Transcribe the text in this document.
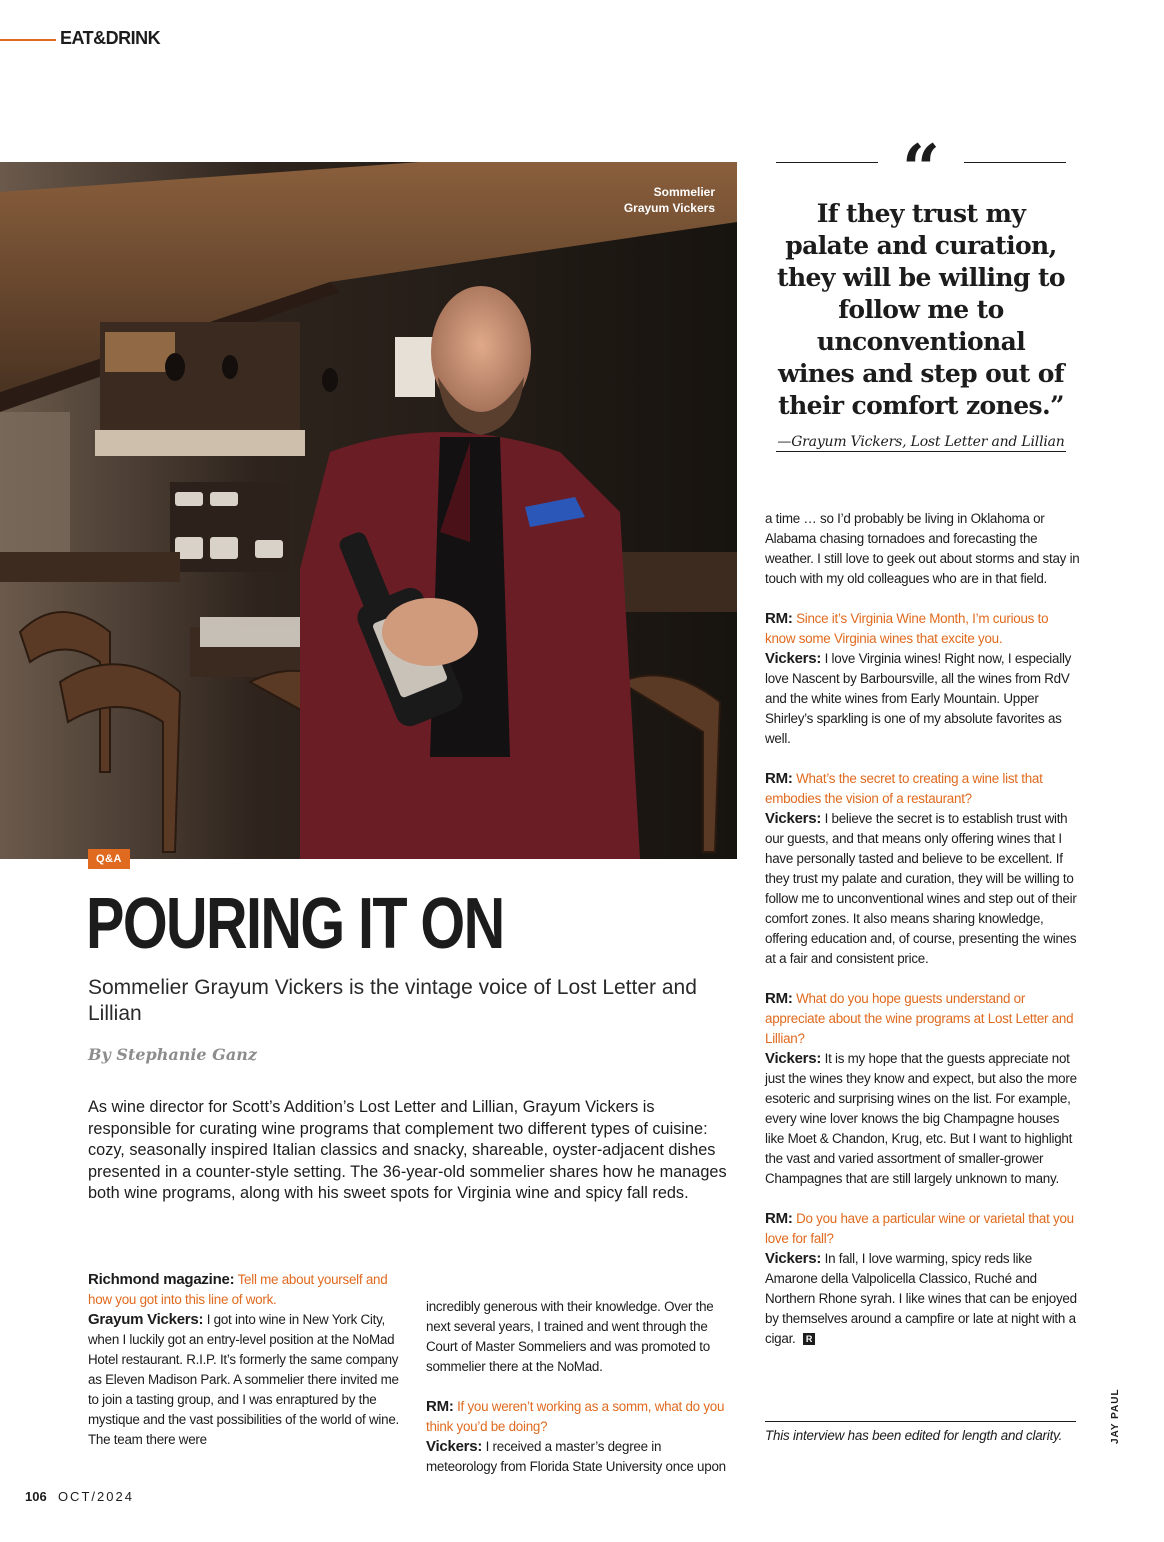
EAT&DRINK
Sommelier
Grayum Vickers	“
If they trust my palate and curation, they will be willing to follow me to unconventional wines and step out of their comfort zones.”
—Grayum Vickers, Lost Letter and Lillian
Q&A
POURING IT ON
Sommelier Grayum Vickers is the vintage voice of Lost Letter and Lillian
By Stephanie Ganz
As wine director for Scott’s Addition’s Lost Letter and Lillian, Grayum Vickers is responsible for curating wine programs that complement two different types of cuisine: cozy, seasonally inspired Italian classics and snacky, shareable, oyster-adjacent dishes presented in a counter-style setting. The 36-year-old sommelier shares how he manages both wine programs, along with his sweet spots for Virginia wine and spicy fall reds.

Richmond magazine: Tell me about yourself and how you got into this line of work.

Grayum Vickers: I got into wine in New York City, when I luckily got an entry-level position at the NoMad Hotel restaurant. R.I.P. It’s formerly the same company as Eleven Madison Park. A sommelier there invited me to join a tasting group, and I was enraptured by the mystique and the vast possibilities of the world of wine. The team there were

incredibly generous with their knowledge. Over the next several years, I trained and went through the Court of Master Sommeliers and was promoted to sommelier there at the NoMad.

RM: If you weren’t working as a somm, what do you think you’d be doing?

Vickers: I received a master’s degree in meteorology from Florida State University once upon

a time … so I’d probably be living in Oklahoma or Alabama chasing tornadoes and forecasting the weather. I still love to geek out about storms and stay in touch with my old colleagues who are in that field.

RM: Since it’s Virginia Wine Month, I’m curious to know some Virginia wines that excite you.

Vickers: I love Virginia wines! Right now, I especially love Nascent by Barboursville, all the wines from RdV and the white wines from Early Mountain. Upper Shirley’s sparkling is one of my absolute favorites as well.

RM: What’s the secret to creating a wine list that embodies the vision of a restaurant?

Vickers: I believe the secret is to establish trust with our guests, and that means only offering wines that I have personally tasted and believe to be excellent. If they trust my palate and curation, they will be willing to follow me to unconventional wines and step out of their comfort zones. It also means sharing knowledge, offering education and, of course, presenting the wines at a fair and consistent price.

RM: What do you hope guests understand or appreciate about the wine programs at Lost Letter and Lillian?

Vickers: It is my hope that the guests appreciate not just the wines they know and expect, but also the more esoteric and surprising wines on the list. For example, every wine lover knows the big Champagne houses like Moet & Chandon, Krug, etc. But I want to highlight the vast and varied assortment of smaller-grower Champagnes that are still largely unknown to many.

RM: Do you have a particular wine or varietal that you love for fall?

Vickers: In fall, I love warming, spicy reds like Amarone della Valpolicella Classico, Ruché and Northern Rhone syrah. I like wines that can be enjoyed by themselves around a campfire or late at night with a cigar. R

This interview has been edited for length and clarity.	JAY PAUL
106 OCT/2024
